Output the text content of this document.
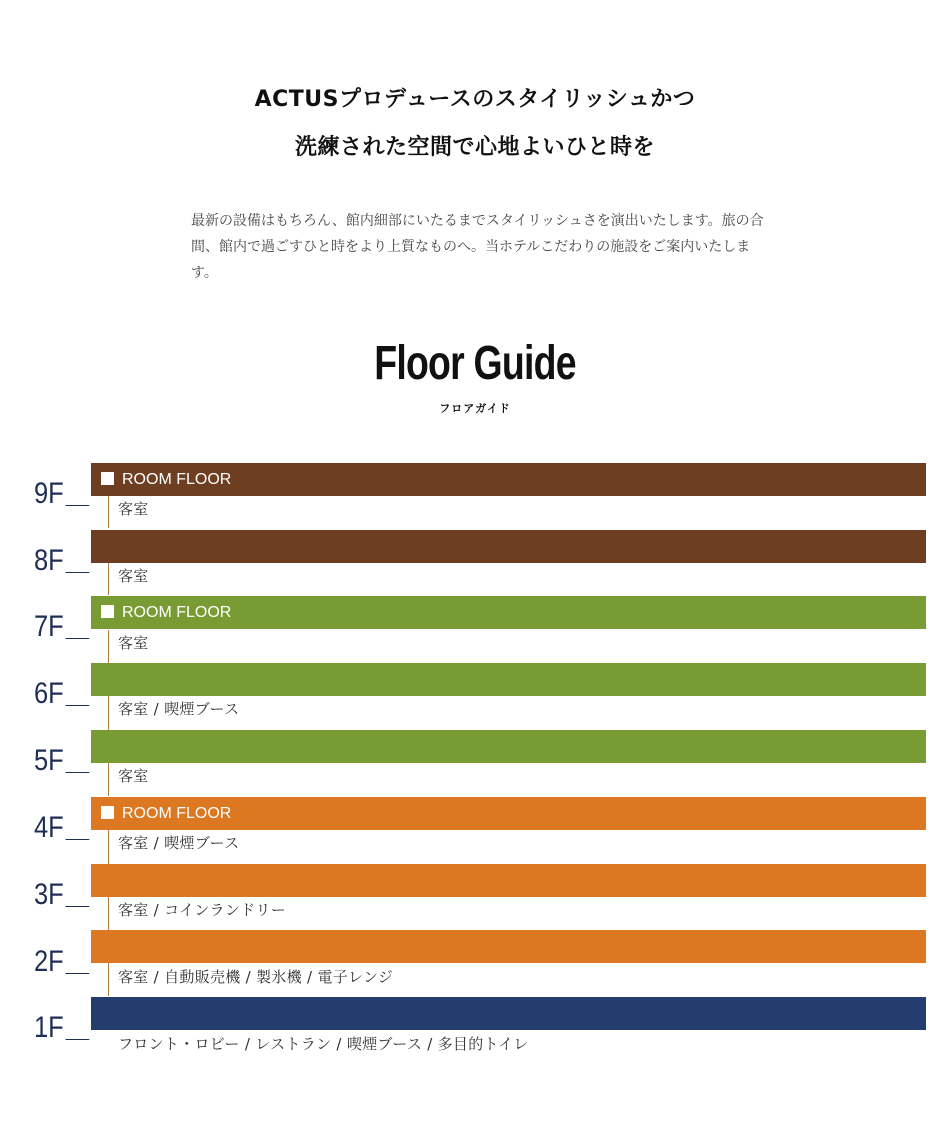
ACTUSプロデュースのスタイリッシュかつ
洗練された空間で心地よいひと時を
最新の設備はもちろん、館内細部にいたるまでスタイリッシュさを演出いたします。旅の合間、館内で過ごすひと時をより上質なものへ。当ホテルこだわりの施設をご案内いたします。
Floor Guide
フロアガイド
9F	ROOM FLOOR
客室
8F	客室
7F	ROOM FLOOR
客室
6F	客室 / 喫煙ブース
5F	客室
4F	ROOM FLOOR
客室 / 喫煙ブース
3F	客室 / コインランドリー
2F	客室 / 自動販売機 / 製氷機 / 電子レンジ
1F	フロント・ロビー / レストラン / 喫煙ブース / 多目的トイレ
